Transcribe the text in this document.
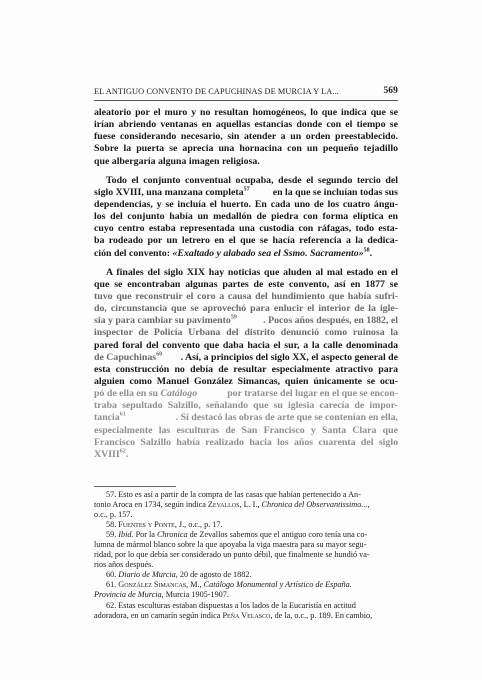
EL ANTIGUO CONVENTO DE CAPUCHINAS DE MURCIA Y LA...	569
aleatorio por el muro y no resultan homogéneos, lo que indica que se
irían abriendo ventanas en aquellas estancias donde con el tiempo se
fuese considerando necesario, sin atender a un orden preestablecido.
Sobre la puerta se aprecia una hornacina con un pequeño tejadillo
que albergaría alguna imagen religiosa.
Todo el conjunto conventual ocupaba, desde el segundo tercio del
siglo XVIII, una manzana completa$^{57}$ en la que se incluían todas sus
dependencias, y se incluía el huerto. En cada uno de los cuatro ángu-
los del conjunto había un medallón de piedra con forma elíptica en
cuyo centro estaba representada una custodia con ráfagas, todo esta-
ba rodeado por un letrero en el que se hacía referencia a la dedica-
ción del convento: «Exaltado y alabado sea el Ssmo. Sacramento»$^{58}$.
A finales del siglo XIX hay noticias que aluden al mal estado en el
que se encontraban algunas partes de este convento, así en 1877 se
tuvo que reconstruir el coro a causa del hundimiento que había sufri-
do, circunstancia que se aprovechó para enlucir el interior de la igle-
sia y para cambiar su pavimento$^{59}$	. Pocos años después, en 1882, el
inspector de Policía Urbana del distrito denunció como ruinosa la
pared foral del convento que daba hacia el sur, a la calle denominada
de Capuchinas$^{60}$ . Así, a principios del siglo XX, el aspecto general de
esta construcción no debía de resultar especialmente atractivo para
alguien como Manuel González Simancas, quien únicamente se ocu-
pó de ella en su Catálogo	por tratarse del lugar en el que se encon-
traba sepultado Salzillo, señalando que su iglesia carecía de impor-
tancia$^{61}$	. Sí destacó las obras de arte que se contenían en ella,
especialmente las esculturas de San Francisco y Santa Clara que
Francisco Salzillo había realizado hacia los años cuarenta del siglo
XVIII$^{62}$.
57. Esto es así a partir de la compra de las casas que habían pertenecido a An-
tonio Aroca en 1734, según indica Zevallos, L. I., Chronica del Observantissimo...,
o.c., p. 157.
58. Fuentes y Ponte, J., o.c., p. 17.
59. Ibid. Por la Chronica de Zevallos sabemos que el antiguo coro tenía una co-
lumna de mármol blanco sobre la que apoyaba la viga maestra para su mayor segu-
ridad, por lo que debía ser considerado un punto débil, que finalmente se hundió va-
rios años después.
60. Diario de Murcia, 20 de agosto de 1882.
61. González Simancas, M., Catálogo Monumental y Artístico de España.
Provincia de Murcia, Murcia 1905-1907.
62. Estas esculturas estaban dispuestas a los lados de la Eucaristía en actitud
adoradora, en un camarín según indica Peña Velasco, de la, o.c., p. 189. En cambio,
